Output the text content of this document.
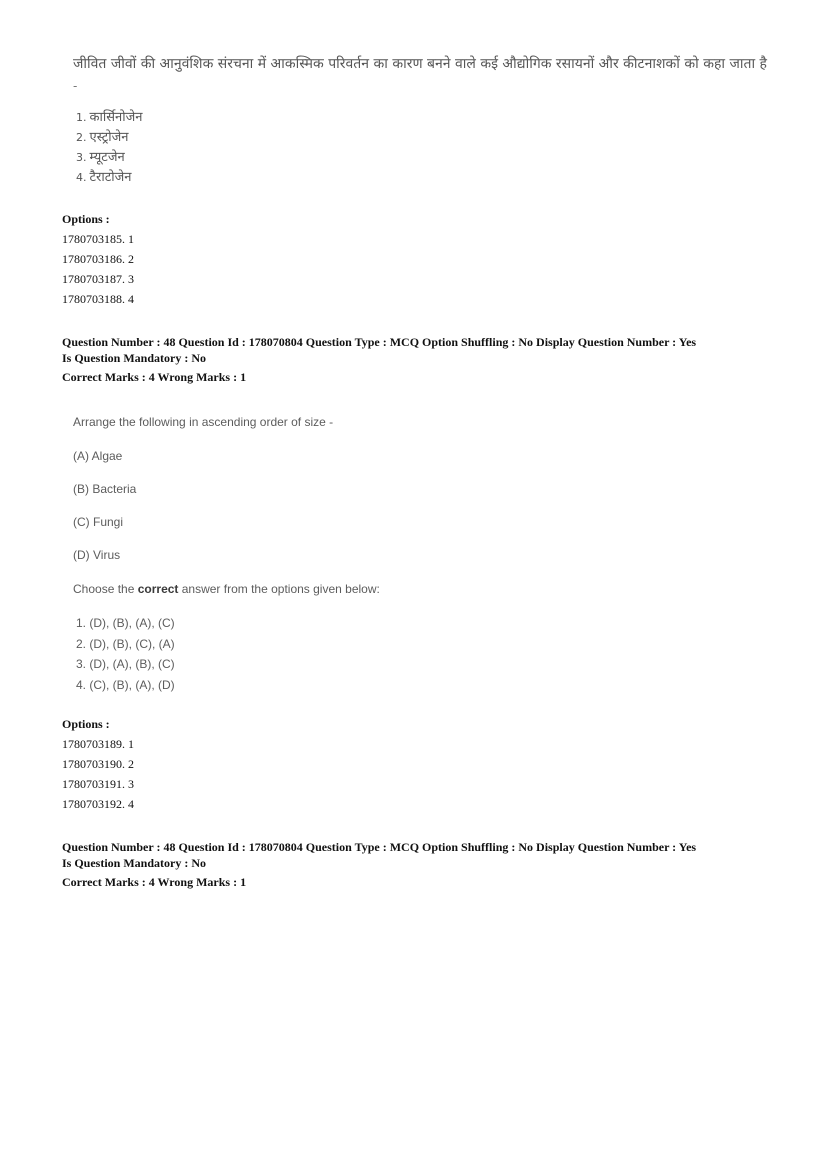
जीवित जीवों की आनुवंशिक संरचना में आकस्मिक परिवर्तन का कारण बनने वाले कई औद्योगिक रसायनों और कीटनाशकों को कहा जाता है
-
1. कार्सिनोजेन
2. एस्ट्रोजेन
3. म्यूटजेन
4. टैराटोजेन
Options :
1780703185. 1
1780703186. 2
1780703187. 3
1780703188. 4
Question Number : 48 Question Id : 178070804 Question Type : MCQ Option Shuffling : No Display Question Number : Yes
Is Question Mandatory : No
Correct Marks : 4 Wrong Marks : 1
Arrange the following in ascending order of size -
(A) Algae
(B) Bacteria
(C) Fungi
(D) Virus
Choose the correct answer from the options given below:
1. (D), (B), (A), (C)
2. (D), (B), (C), (A)
3. (D), (A), (B), (C)
4. (C), (B), (A), (D)
Options :
1780703189. 1
1780703190. 2
1780703191. 3
1780703192. 4
Question Number : 48 Question Id : 178070804 Question Type : MCQ Option Shuffling : No Display Question Number : Yes
Is Question Mandatory : No
Correct Marks : 4 Wrong Marks : 1
